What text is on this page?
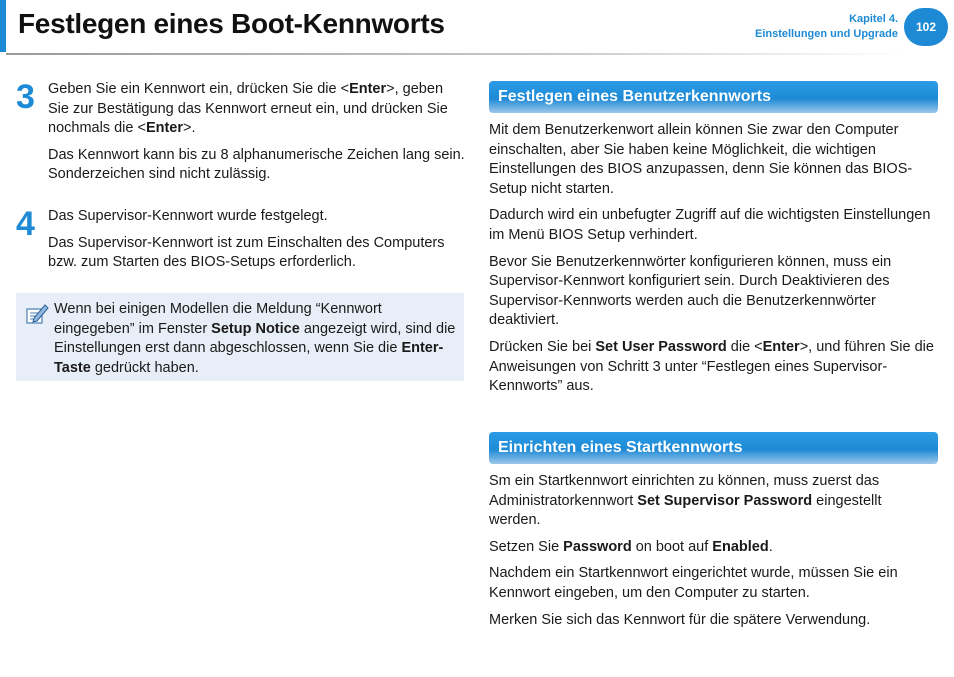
Festlegen eines Boot-Kennworts	Kapitel 4.
Einstellungen und Upgrade	102
3 Geben Sie ein Kennwort ein, drücken Sie die <Enter>, geben Sie zur Bestätigung das Kennwort erneut ein, und drücken Sie nochmals die <Enter>.

Das Kennwort kann bis zu 8 alphanumerische Zeichen lang sein. Sonderzeichen sind nicht zulässig.

4 Das Supervisor-Kennwort wurde festgelegt.

Das Supervisor-Kennwort ist zum Einschalten des Computers bzw. zum Starten des BIOS-Setups erforderlich.

Wenn bei einigen Modellen die Meldung “Kennwort eingegeben” im Fenster Setup Notice angezeigt wird, sind die Einstellungen erst dann abgeschlossen, wenn Sie die Enter-Taste gedrückt haben.
Festlegen eines Benutzerkennworts

Mit dem Benutzerkenwort allein können Sie zwar den Computer einschalten, aber Sie haben keine Möglichkeit, die wichtigen Einstellungen des BIOS anzupassen, denn Sie können das BIOS-Setup nicht starten.

Dadurch wird ein unbefugter Zugriff auf die wichtigsten Einstellungen im Menü BIOS Setup verhindert.

Bevor Sie Benutzerkennwörter konfigurieren können, muss ein Supervisor-Kennwort konfiguriert sein. Durch Deaktivieren des Supervisor-Kennworts werden auch die Benutzerkennwörter deaktiviert.

Drücken Sie bei Set User Password die <Enter>, und führen Sie die Anweisungen von Schritt 3 unter “Festlegen eines Supervisor-Kennworts” aus.

Einrichten eines Startkennworts

Sm ein Startkennwort einrichten zu können, muss zuerst das Administratorkennwort Set Supervisor Password eingestellt werden.

Setzen Sie Password on boot auf Enabled.

Nachdem ein Startkennwort eingerichtet wurde, müssen Sie ein Kennwort eingeben, um den Computer zu starten.

Merken Sie sich das Kennwort für die spätere Verwendung.
